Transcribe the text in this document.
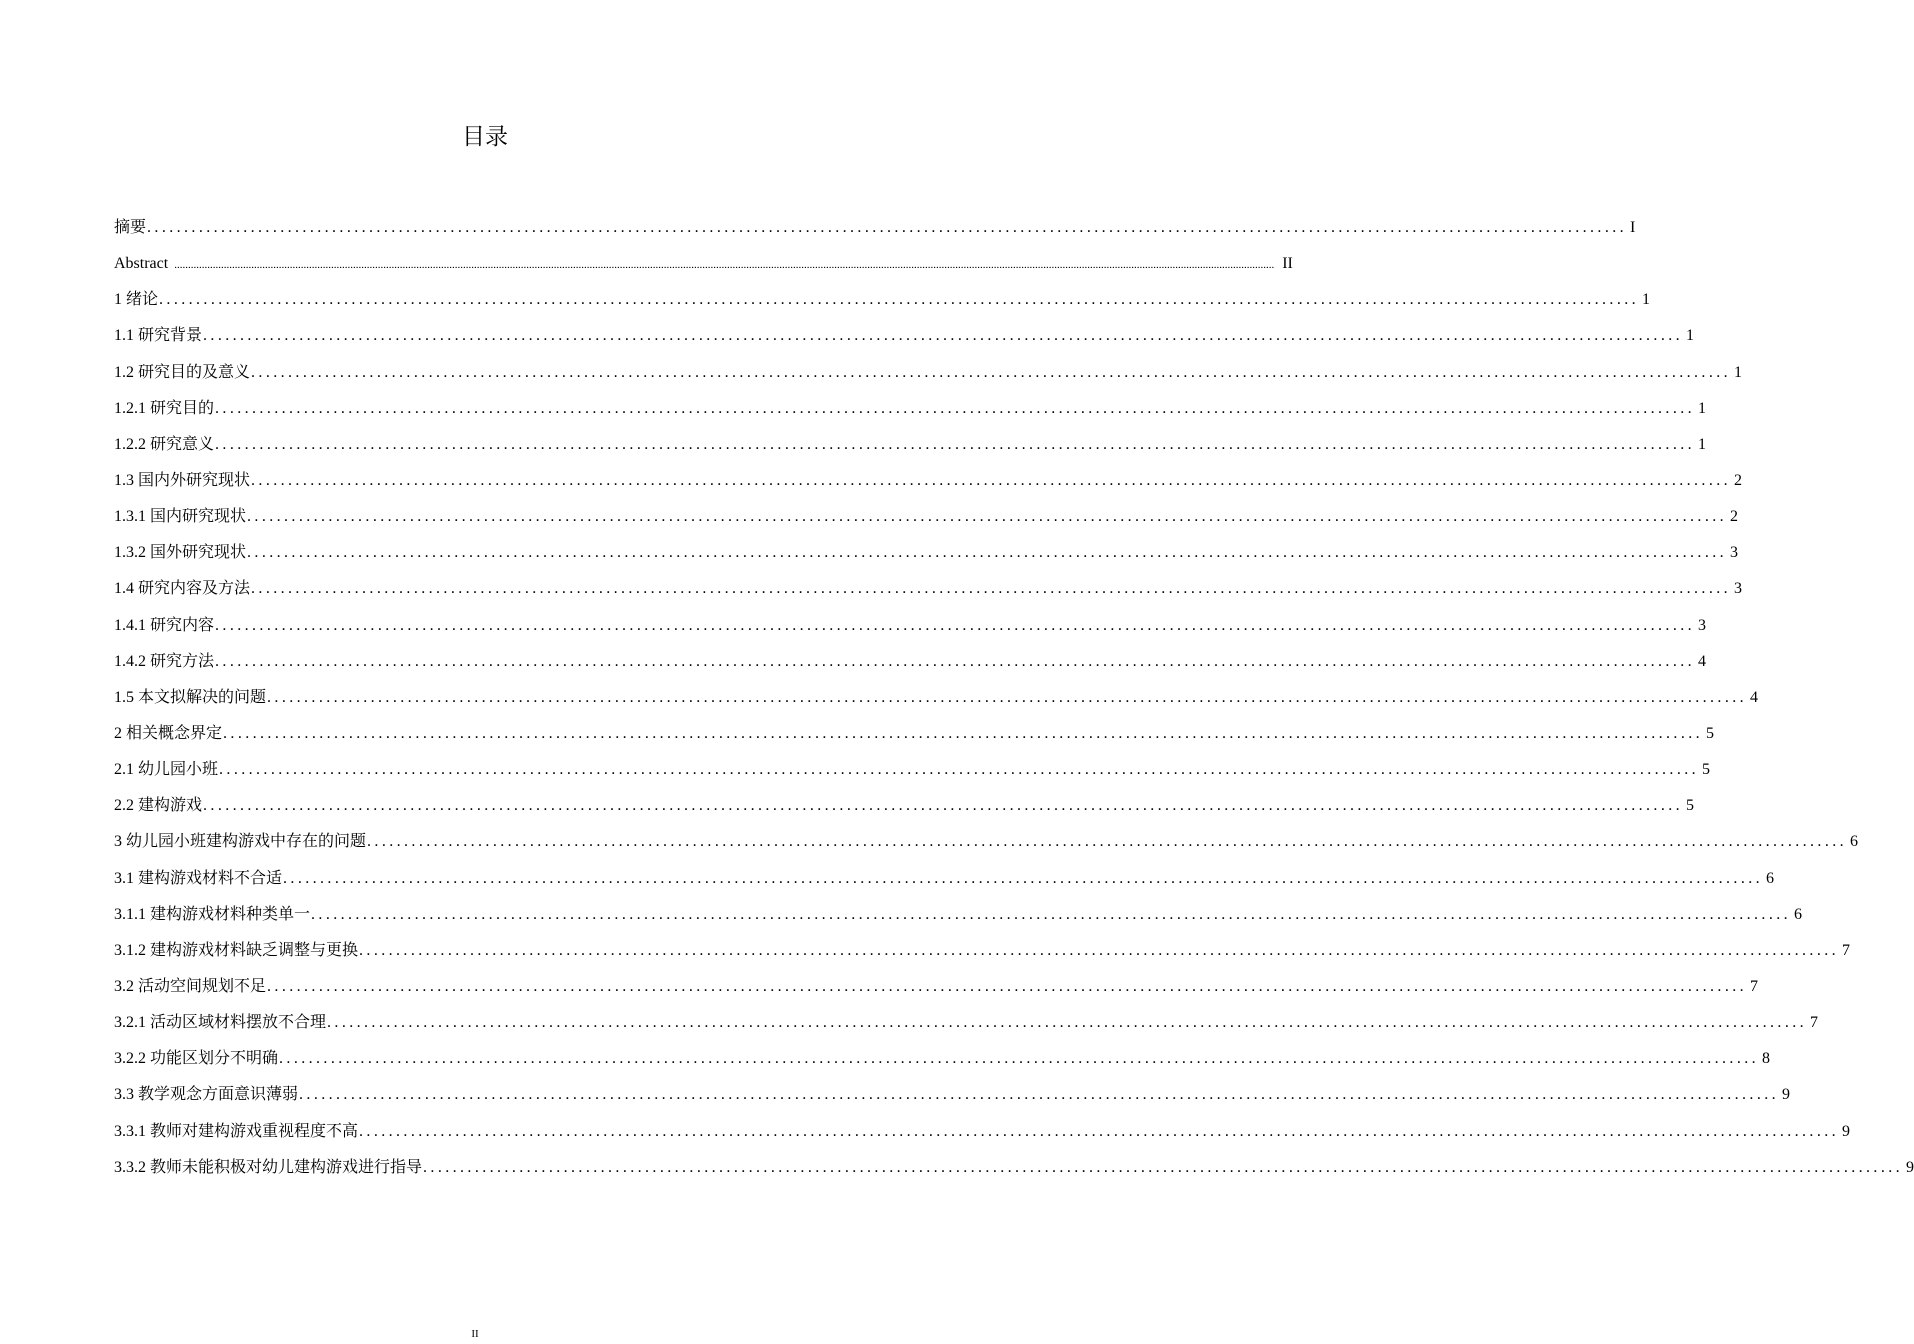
目录
摘要 ........................................................................................................................................................................................................ I
Abstract ................................................................................................................................................................................................................................................................................................................................................................................................................ II
1 绪论 ........................................................................................................................................................................................................ 1
1.1 研究背景 ........................................................................................................................................................................................................ 1
1.2 研究目的及意义 ........................................................................................................................................................................................................ 1
1.2.1 研究目的 ........................................................................................................................................................................................................ 1
1.2.2 研究意义 ........................................................................................................................................................................................................ 1
1.3 国内外研究现状 ........................................................................................................................................................................................................ 2
1.3.1 国内研究现状 ........................................................................................................................................................................................................ 2
1.3.2 国外研究现状 ........................................................................................................................................................................................................ 3
1.4 研究内容及方法 ........................................................................................................................................................................................................ 3
1.4.1 研究内容 ........................................................................................................................................................................................................ 3
1.4.2 研究方法 ........................................................................................................................................................................................................ 4
1.5 本文拟解决的问题 ........................................................................................................................................................................................................ 4
2 相关概念界定 ........................................................................................................................................................................................................ 5
2.1 幼儿园小班 ........................................................................................................................................................................................................ 5
2.2 建构游戏 ........................................................................................................................................................................................................ 5
3 幼儿园小班建构游戏中存在的问题 ........................................................................................................................................................................................................ 6
3.1 建构游戏材料不合适 ........................................................................................................................................................................................................ 6
3.1.1 建构游戏材料种类单一 ........................................................................................................................................................................................................ 6
3.1.2 建构游戏材料缺乏调整与更换 ........................................................................................................................................................................................................ 7
3.2 活动空间规划不足 ........................................................................................................................................................................................................ 7
3.2.1 活动区域材料摆放不合理 ........................................................................................................................................................................................................ 7
3.2.2 功能区划分不明确 ........................................................................................................................................................................................................ 8
3.3 教学观念方面意识薄弱 ........................................................................................................................................................................................................ 9
3.3.1 教师对建构游戏重视程度不高 ........................................................................................................................................................................................................ 9
3.3.2 教师未能积极对幼儿建构游戏进行指导 ........................................................................................................................................................................................................ 9
II
